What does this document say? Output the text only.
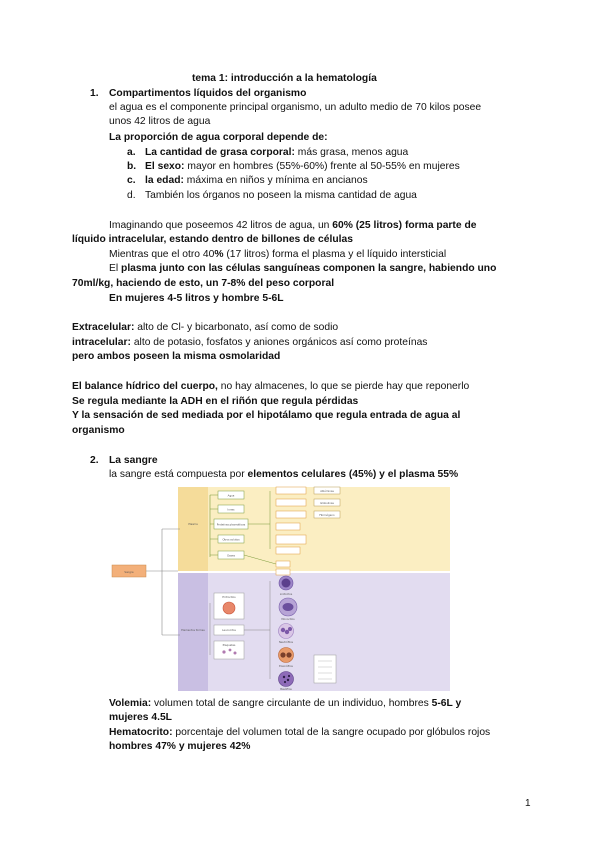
tema 1: introducción a la hematología
1. Compartimentos líquidos del organismo
el agua es el componente principal organismo, un adulto medio de 70 kilos posee
unos 42 litros de agua
La proporción de agua corporal depende de:
a. La cantidad de grasa corporal: más grasa, menos agua
b. El sexo: mayor en hombres (55%-60%) frente al 50-55% en mujeres
c. la edad: máxima en niños y mínima en ancianos
d. También los órganos no poseen la misma cantidad de agua
Imaginando que poseemos 42 litros de agua, un 60% (25 litros) forma parte de
líquido intracelular, estando dentro de billones de células
Mientras que el otro 40% (17 litros) forma el plasma y el líquido intersticial
El plasma junto con las células sanguíneas componen la sangre, habiendo uno
70ml/kg, haciendo de esto, un 7-8% del peso corporal
En mujeres 4-5 litros y hombre 5-6L
Extracelular: alto de Cl- y bicarbonato, así como de sodio
intracelular: alto de potasio, fosfatos y aniones orgánicos así como proteínas
pero ambos poseen la misma osmolaridad
El balance hídrico del cuerpo, no hay almacenes, lo que se pierde hay que reponerlo
Se regula mediante la ADH en el riñón que regula pérdidas
Y la sensación de sed mediada por el hipotálamo que regula entrada de agua al
organismo
2. La sangre
la sangre está compuesta por elementos celulares (45%) y el plasma 55%
Sangre
Plasma
Elementos formes
Agua
Iones
Proteínas plasmáticas
Otros solutos
Gases
Albúminas
Globulinas
Fibrinógeno
Eritrocitos
Leucocitos
Plaquetas
Linfocitos
Monocitos
Neutrófilos
Eosinófilos
Basófilos
Volemia: volumen total de sangre circulante de un individuo, hombres 5-6L y
mujeres 4.5L
Hematocrito: porcentaje del volumen total de la sangre ocupado por glóbulos rojos
hombres 47% y mujeres 42%
1
